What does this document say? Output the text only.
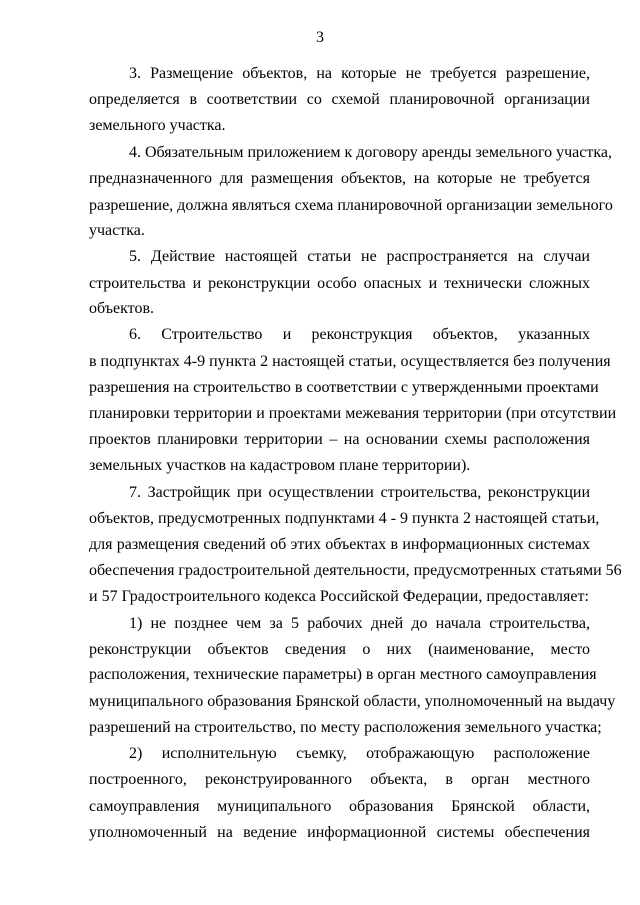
3
3. Размещение объектов, на которые не требуется разрешение,
определяется в соответствии со схемой планировочной организации
земельного участка.
4. Обязательным приложением к договору аренды земельного участка,
предназначенного для размещения объектов, на которые не требуется
разрешение, должна являться схема планировочной организации земельного
участка.
5. Действие настоящей статьи не распространяется на случаи
строительства и реконструкции особо опасных и технически сложных
объектов.
6. Строительство и реконструкция объектов, указанных
в подпунктах 4-9 пункта 2 настоящей статьи, осуществляется без получения
разрешения на строительство в соответствии с утвержденными проектами
планировки территории и проектами межевания территории (при отсутствии
проектов планировки территории – на основании схемы расположения
земельных участков на кадастровом плане территории).
7. Застройщик при осуществлении строительства, реконструкции
объектов, предусмотренных подпунктами 4 - 9 пункта 2 настоящей статьи,
для размещения сведений об этих объектах в информационных системах
обеспечения градостроительной деятельности, предусмотренных статьями 56
и 57 Градостроительного кодекса Российской Федерации, предоставляет:
1) не позднее чем за 5 рабочих дней до начала строительства,
реконструкции объектов сведения о них (наименование, место
расположения, технические параметры) в орган местного самоуправления
муниципального образования Брянской области, уполномоченный на выдачу
разрешений на строительство, по месту расположения земельного участка;
2) исполнительную съемку, отображающую расположение
построенного, реконструированного объекта, в орган местного
самоуправления муниципального образования Брянской области,
уполномоченный на ведение информационной системы обеспечения
